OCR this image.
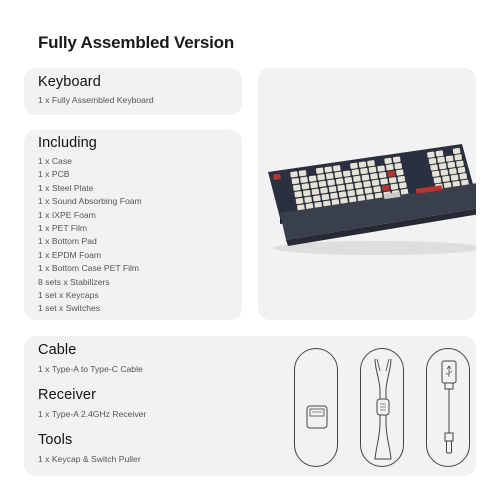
Fully Assembled Version
Keyboard
1 x Fully Assembled Keyboard
Including
1 x Case
1 x PCB
1 x Steel Plate
1 x Sound Absorbing Foam
1 x IXPE Foam
1 x PET Film
1 x Bottom Pad
1 x EPDM Foam
1 x Bottom Case PET Film
8 sets x Stabilizers
1 set x Keycaps
1 set x Switches
Cable
1 x Type-A to Type-C Cable
Receiver
1 x Type-A 2.4GHz Receiver
Tools
1 x Keycap & Switch Puller
